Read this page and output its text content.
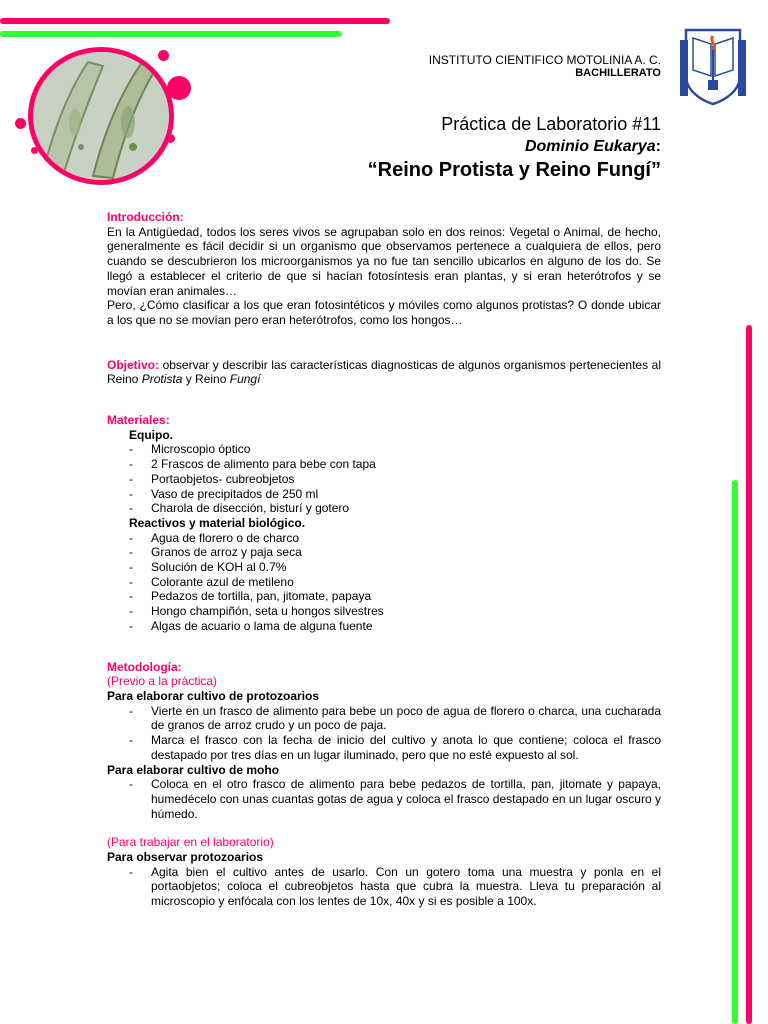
INSTITUTO CIENTIFICO MOTOLINIA A. C.
BACHILLERATO
Práctica de Laboratorio #11
Dominio Eukarya:
“Reino Protista y Reino Fungí”
Introducción:
En la Antigüedad, todos los seres vivos se agrupaban solo en dos reinos: Vegetal o Animal, de hecho, generalmente es fácil decidir si un organismo que observamos pertenece a cualquiera de ellos, pero cuando se descubrieron los microorganismos ya no fue tan sencillo ubicarlos en alguno de los do. Se llegó a establecer el criterio de que si hacían fotosíntesis eran plantas, y si eran heterótrofos y se movían eran animales…
Pero, ¿Cómo clasificar a los que eran fotosintéticos y móviles como algunos protistas? O donde ubicar a los que no se movían pero eran heterótrofos, como los hongos…
Objetivo: observar y describir las características diagnosticas de algunos organismos pertenecientes al Reino Protista y Reino Fungí
Materiales:
Equipo.
- Microscopio óptico
- 2 Frascos de alimento para bebe con tapa
- Portaobjetos- cubreobjetos
- Vaso de precipitados de 250 ml
- Charola de disección, bisturí y gotero
Reactivos y material biológico.
- Agua de florero o de charco
- Granos de arroz y paja seca
- Solución de KOH al 0.7%
- Colorante azul de metileno
- Pedazos de tortilla, pan, jitomate, papaya
- Hongo champiñón, seta u hongos silvestres
- Algas de acuario o lama de alguna fuente
Metodología:
(Previo a la práctica)
Para elaborar cultivo de protozoarios
- Vierte en un frasco de alimento para bebe un poco de agua de florero o charca, una cucharada de granos de arroz crudo y un poco de paja.
- Marca el frasco con la fecha de inicio del cultivo y anota lo que contiene; coloca el frasco destapado por tres días en un lugar iluminado, pero que no esté expuesto al sol.
Para elaborar cultivo de moho
- Coloca en el otro frasco de alimento para bebe pedazos de tortilla, pan, jitomate y papaya, humedécelo con unas cuantas gotas de agua y coloca el frasco destapado en un lugar oscuro y húmedo.
(Para trabajar en el laboratorio)
Para observar protozoarios
- Agita bien el cultivo antes de usarlo. Con un gotero toma una muestra y ponla en el portaobjetos; coloca el cubreobjetos hasta que cubra la muestra. Lleva tu preparación al microscopio y enfócala con los lentes de 10x, 40x y si es posible a 100x.
